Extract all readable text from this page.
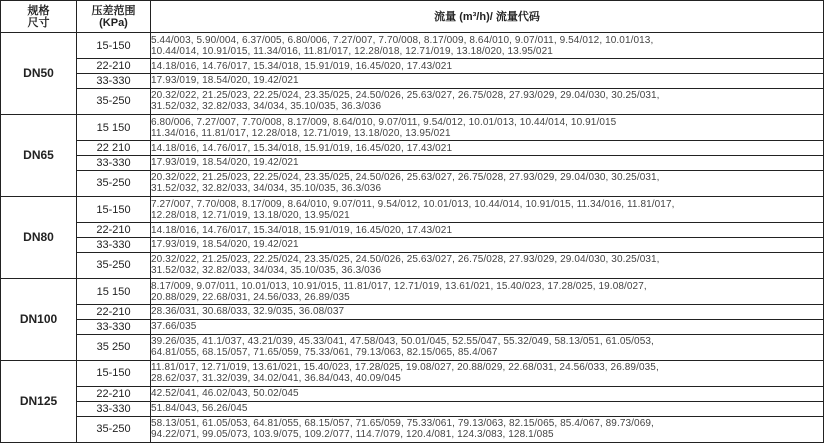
规格
尺寸	压差范围
(KPa)	流量 (m³/h)/ 流量代码
DN50	15-150	5.44/003, 5.90/004, 6.37/005, 6.80/006, 7.27/007, 7.70/008, 8.17/009, 8.64/010, 9.07/011, 9.54/012, 10.01/013,
10.44/014, 10.91/015, 11.34/016, 11.81/017, 12.28/018, 12.71/019, 13.18/020, 13.95/021

	22-210	14.18/016, 14.76/017, 15.34/018, 15.91/019, 16.45/020, 17.43/021

	33-330	17.93/019, 18.54/020, 19.42/021

	35-250	20.32/022, 21.25/023, 22.25/024, 23.35/025, 24.50/026, 25.63/027, 26.75/028, 27.93/029, 29.04/030, 30.25/031,
31.52/032, 32.82/033, 34/034, 35.10/035, 36.3/036

DN65	15 150	6.80/006, 7.27/007, 7.70/008, 8.17/009, 8.64/010, 9.07/011, 9.54/012, 10.01/013, 10.44/014, 10.91/015
11.34/016, 11.81/017, 12.28/018, 12.71/019, 13.18/020, 13.95/021

	22 210	14.18/016, 14.76/017, 15.34/018, 15.91/019, 16.45/020, 17.43/021

	33-330	17.93/019, 18.54/020, 19.42/021

	35-250	20.32/022, 21.25/023, 22.25/024, 23.35/025, 24.50/026, 25.63/027, 26.75/028, 27.93/029, 29.04/030, 30.25/031,
31.52/032, 32.82/033, 34/034, 35.10/035, 36.3/036

DN80	15-150	7.27/007, 7.70/008, 8.17/009, 8.64/010, 9.07/011, 9.54/012, 10.01/013, 10.44/014, 10.91/015, 11.34/016, 11.81/017,
12.28/018, 12.71/019, 13.18/020, 13.95/021

	22-210	14.18/016, 14.76/017, 15.34/018, 15.91/019, 16.45/020, 17.43/021

	33-330	17.93/019, 18.54/020, 19.42/021

	35-250	20.32/022, 21.25/023, 22.25/024, 23.35/025, 24.50/026, 25.63/027, 26.75/028, 27.93/029, 29.04/030, 30.25/031,
31.52/032, 32.82/033, 34/034, 35.10/035, 36.3/036

DN100	15 150	8.17/009, 9.07/011, 10.01/013, 10.91/015, 11.81/017, 12.71/019, 13.61/021, 15.40/023, 17.28/025, 19.08/027,
20.88/029, 22.68/031, 24.56/033, 26.89/035

	22-210	28.36/031, 30.68/033, 32.9/035, 36.08/037

	33-330	37.66/035

	35 250	39.26/035, 41.1/037, 43.21/039, 45.33/041, 47.58/043, 50.01/045, 52.55/047, 55.32/049, 58.13/051, 61.05/053,
64.81/055, 68.15/057, 71.65/059, 75.33/061, 79.13/063, 82.15/065, 85.4/067

DN125	15-150	11.81/017, 12.71/019, 13.61/021, 15.40/023, 17.28/025, 19.08/027, 20.88/029, 22.68/031, 24.56/033, 26.89/035,
28.62/037, 31.32/039, 34.02/041, 36.84/043, 40.09/045

	22-210	42.52/041, 46.02/043, 50.02/045

	33-330	51.84/043, 56.26/045

	35-250	58.13/051, 61.05/053, 64.81/055, 68.15/057, 71.65/059, 75.33/061, 79.13/063, 82.15/065, 85.4/067, 89.73/069,
94.22/071, 99.05/073, 103.9/075, 109.2/077, 114.7/079, 120.4/081, 124.3/083, 128.1/085
